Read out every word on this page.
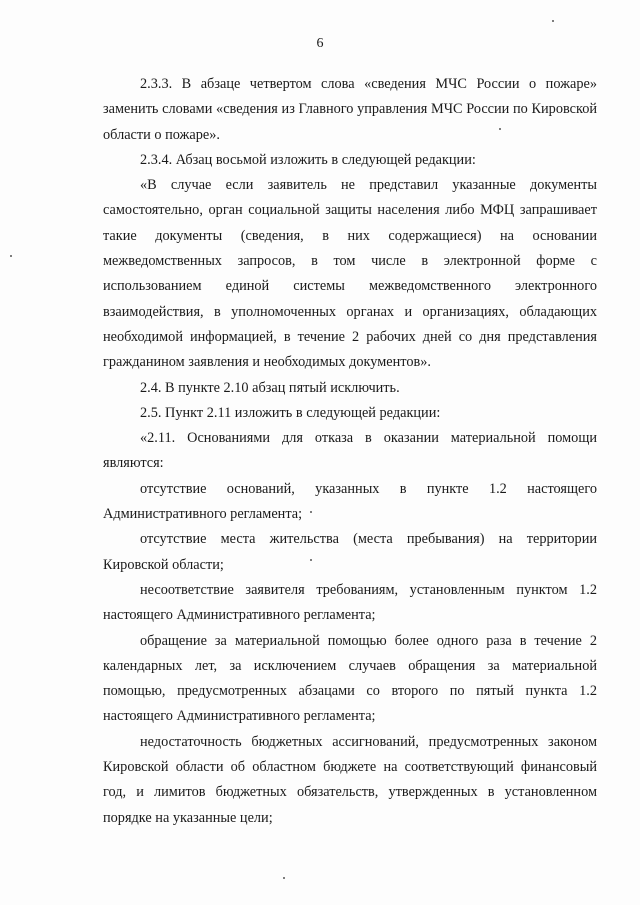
6

2.3.3. В абзаце четвертом слова «сведения МЧС России о пожаре» заменить словами «сведения из Главного управления МЧС России по Кировской области о пожаре».

2.3.4. Абзац восьмой изложить в следующей редакции:

«В случае если заявитель не представил указанные документы самостоятельно, орган социальной защиты населения либо МФЦ запрашивает такие документы (сведения, в них содержащиеся) на основании межведомственных запросов, в том числе в электронной форме с использованием единой системы межведомственного электронного взаимодействия, в уполномоченных органах и организациях, обладающих необходимой информацией, в течение 2 рабочих дней со дня представления гражданином заявления и необходимых документов».

2.4. В пункте 2.10 абзац пятый исключить.

2.5. Пункт 2.11 изложить в следующей редакции:

«2.11. Основаниями для отказа в оказании материальной помощи являются:

отсутствие оснований, указанных в пункте 1.2 настоящего Административного регламента;

отсутствие места жительства (места пребывания) на территории Кировской области;

несоответствие заявителя требованиям, установленным пунктом 1.2 настоящего Административного регламента;

обращение за материальной помощью более одного раза в течение 2 календарных лет, за исключением случаев обращения за материальной помощью, предусмотренных абзацами со второго по пятый пункта 1.2 настоящего Административного регламента;

недостаточность бюджетных ассигнований, предусмотренных законом Кировской области об областном бюджете на соответствующий финансовый год, и лимитов бюджетных обязательств, утвержденных в установленном порядке на указанные цели;
